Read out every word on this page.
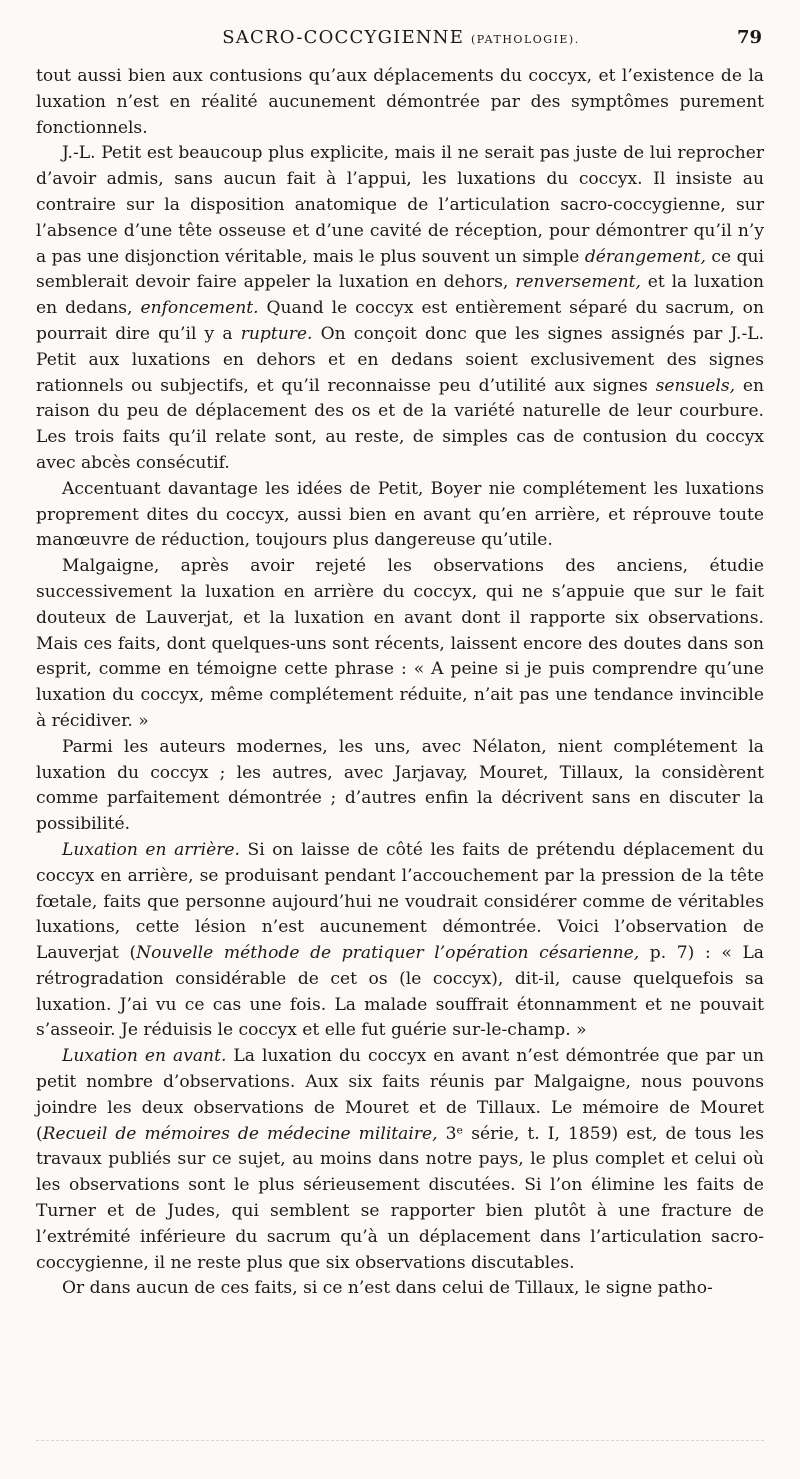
SACRO-COCCYGIENNE (PATHOLOGIE).	79

tout aussi bien aux contusions qu’aux déplacements du coccyx, et l’existence de la luxation n’est en réalité aucunement démontrée par des symptômes purement fonctionnels.

J.-L. Petit est beaucoup plus explicite, mais il ne serait pas juste de lui reprocher d’avoir admis, sans aucun fait à l’appui, les luxations du coccyx. Il insiste au contraire sur la disposition anatomique de l’articulation sacro-coccygienne, sur l’absence d’une tête osseuse et d’une cavité de réception, pour démontrer qu’il n’y a pas une disjonction véritable, mais le plus souvent un simple dérangement, ce qui semblerait devoir faire appeler la luxation en dehors, renversement, et la luxation en dedans, enfoncement. Quand le coccyx est entièrement séparé du sacrum, on pourrait dire qu’il y a rupture. On conçoit donc que les signes assignés par J.-L. Petit aux luxations en dehors et en dedans soient exclusivement des signes rationnels ou subjectifs, et qu’il reconnaisse peu d’utilité aux signes sensuels, en raison du peu de déplacement des os et de la variété naturelle de leur courbure. Les trois faits qu’il relate sont, au reste, de simples cas de contusion du coccyx avec abcès consécutif.

Accentuant davantage les idées de Petit, Boyer nie complétement les luxations proprement dites du coccyx, aussi bien en avant qu’en arrière, et réprouve toute manœuvre de réduction, toujours plus dangereuse qu’utile.

Malgaigne, après avoir rejeté les observations des anciens, étudie successivement la luxation en arrière du coccyx, qui ne s’appuie que sur le fait douteux de Lauverjat, et la luxation en avant dont il rapporte six observations. Mais ces faits, dont quelques-uns sont récents, laissent encore des doutes dans son esprit, comme en témoigne cette phrase : « A peine si je puis comprendre qu’une luxation du coccyx, même complétement réduite, n’ait pas une tendance invincible à récidiver. »

Parmi les auteurs modernes, les uns, avec Nélaton, nient complétement la luxation du coccyx ; les autres, avec Jarjavay, Mouret, Tillaux, la considèrent comme parfaitement démontrée ; d’autres enfin la décrivent sans en discuter la possibilité.

Luxation en arrière. Si on laisse de côté les faits de prétendu déplacement du coccyx en arrière, se produisant pendant l’accouchement par la pression de la tête fœtale, faits que personne aujourd’hui ne voudrait considérer comme de véritables luxations, cette lésion n’est aucunement démontrée. Voici l’observation de Lauverjat (Nouvelle méthode de pratiquer l’opération césarienne, p. 7) : « La rétrogradation considérable de cet os (le coccyx), dit-il, cause quelquefois sa luxation. J’ai vu ce cas une fois. La malade souffrait étonnamment et ne pouvait s’asseoir. Je réduisis le coccyx et elle fut guérie sur-le-champ. »

Luxation en avant. La luxation du coccyx en avant n’est démontrée que par un petit nombre d’observations. Aux six faits réunis par Malgaigne, nous pouvons joindre les deux observations de Mouret et de Tillaux. Le mémoire de Mouret (Recueil de mémoires de médecine militaire, 3ᵉ série, t. I, 1859) est, de tous les travaux publiés sur ce sujet, au moins dans notre pays, le plus complet et celui où les observations sont le plus sérieusement discutées. Si l’on élimine les faits de Turner et de Judes, qui semblent se rapporter bien plutôt à une fracture de l’extrémité inférieure du sacrum qu’à un déplacement dans l’articulation sacro-coccygienne, il ne reste plus que six observations discutables.

Or dans aucun de ces faits, si ce n’est dans celui de Tillaux, le signe patho-
